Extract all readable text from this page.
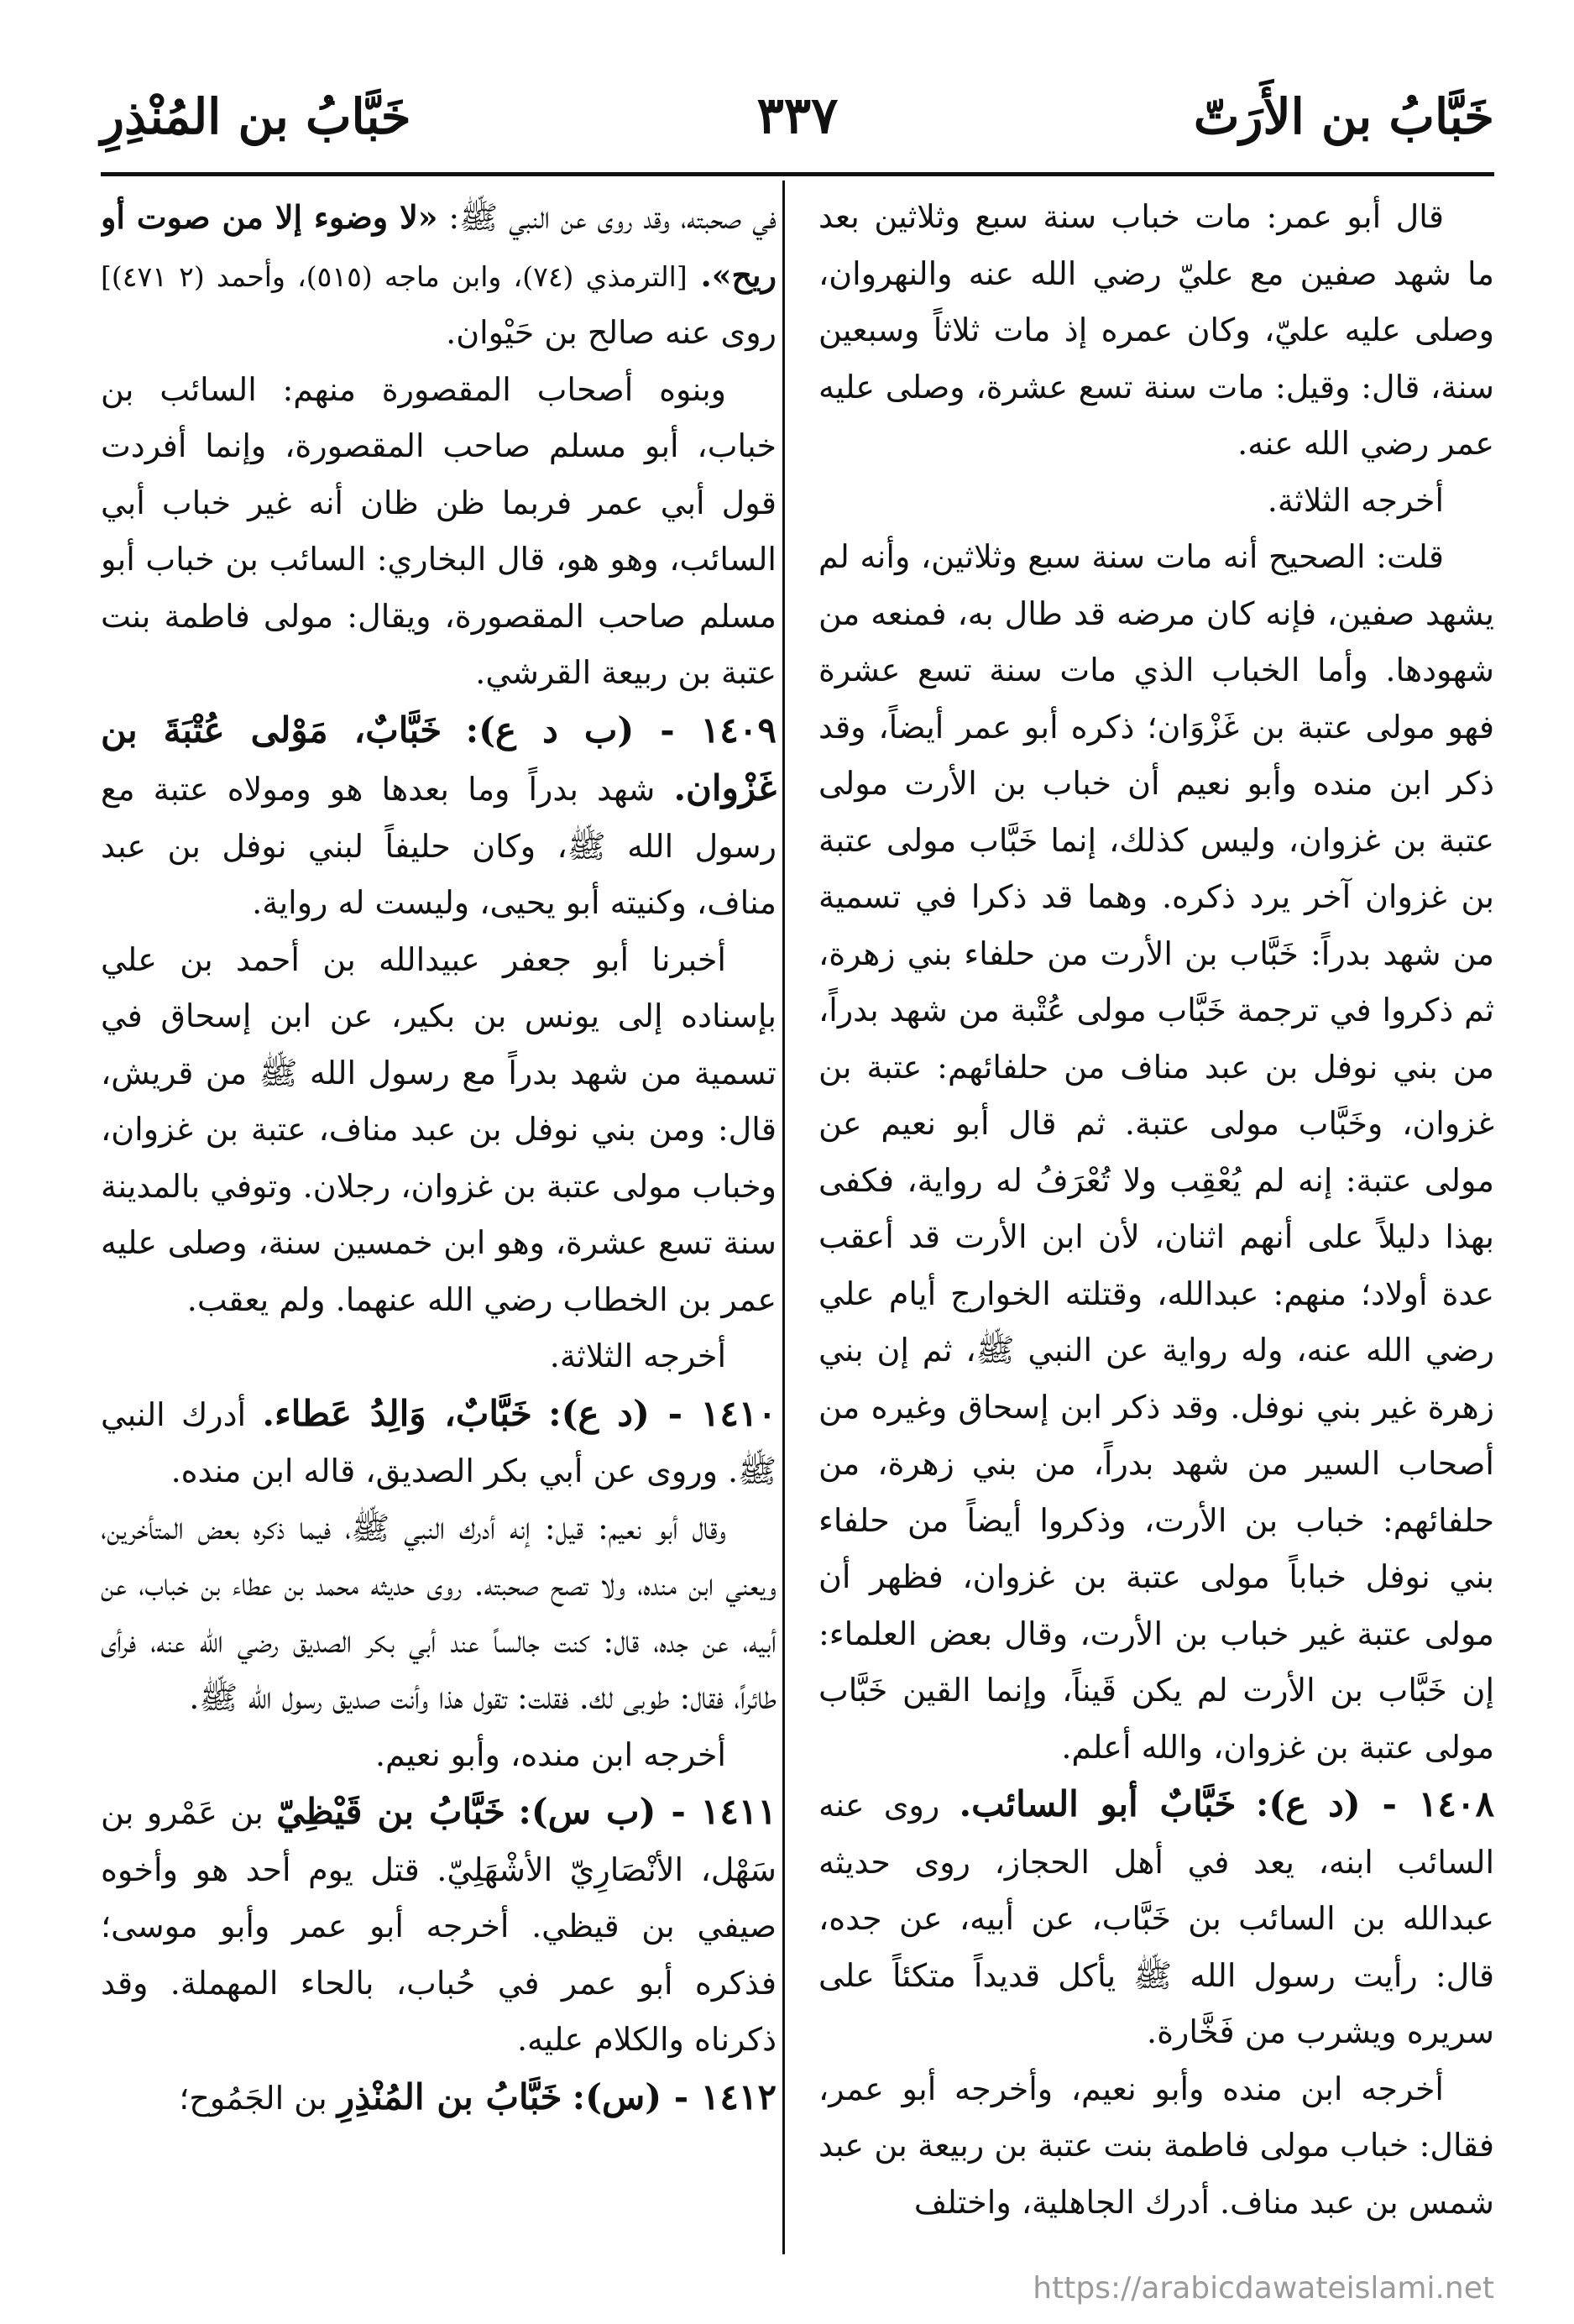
خَبَّابُ بن الأَرَتّ
٣٣٧
خَبَّابُ بن المُنْذِرِ

قال أبو عمر: مات خباب سنة سبع وثلاثين بعد ما شهد صفين مع عليّ رضي الله عنه والنهروان، وصلى عليه عليّ، وكان عمره إذ مات ثلاثاً وسبعين سنة، قال: وقيل: مات سنة تسع عشرة، وصلى عليه عمر رضي الله عنه.

أخرجه الثلاثة.

قلت: الصحيح أنه مات سنة سبع وثلاثين، وأنه لم يشهد صفين، فإنه كان مرضه قد طال به، فمنعه من شهودها. وأما الخباب الذي مات سنة تسع عشرة فهو مولى عتبة بن غَزْوَان؛ ذكره أبو عمر أيضاً، وقد ذكر ابن منده وأبو نعيم أن خباب بن الأرت مولى عتبة بن غزوان، وليس كذلك، إنما خَبَّاب مولى عتبة بن غزوان آخر يرد ذكره. وهما قد ذكرا في تسمية من شهد بدراً: خَبَّاب بن الأرت من حلفاء بني زهرة، ثم ذكروا في ترجمة خَبَّاب مولى عُتْبة من شهد بدراً، من بني نوفل بن عبد مناف من حلفائهم: عتبة بن غزوان، وخَبَّاب مولى عتبة. ثم قال أبو نعيم عن مولى عتبة: إنه لم يُعْقِب ولا تُعْرَفُ له رواية، فكفى بهذا دليلاً على أنهم اثنان، لأن ابن الأرت قد أعقب عدة أولاد؛ منهم: عبدالله، وقتلته الخوارج أيام علي رضي الله عنه، وله رواية عن النبي ﷺ، ثم إن بني زهرة غير بني نوفل. وقد ذكر ابن إسحاق وغيره من أصحاب السير من شهد بدراً، من بني زهرة، من حلفائهم: خباب بن الأرت، وذكروا أيضاً من حلفاء بني نوفل خباباً مولى عتبة بن غزوان، فظهر أن مولى عتبة غير خباب بن الأرت، وقال بعض العلماء: إن خَبَّاب بن الأرت لم يكن قَيناً، وإنما القين خَبَّاب مولى عتبة بن غزوان، والله أعلم.

١٤٠٨ - (د ع): خَبَّابٌ أبو السائب. روى عنه السائب ابنه، يعد في أهل الحجاز، روى حديثه عبدالله بن السائب بن خَبَّاب، عن أبيه، عن جده، قال: رأيت رسول الله ﷺ يأكل قديداً متكئاً على سريره ويشرب من فَخَّارة.

أخرجه ابن منده وأبو نعيم، وأخرجه أبو عمر، فقال: خباب مولى فاطمة بنت عتبة بن ربيعة بن عبد شمس بن عبد مناف. أدرك الجاهلية، واختلف

في صحبته، وقد روى عن النبي ﷺ: «لا وضوء إلا من صوت أو ريح». [الترمذي (٧٤)، وابن ماجه (٥١٥)، وأحمد (٢ ٤٧١)] روى عنه صالح بن حَيْوان.

وبنوه أصحاب المقصورة منهم: السائب بن خباب، أبو مسلم صاحب المقصورة، وإنما أفردت قول أبي عمر فربما ظن ظان أنه غير خباب أبي السائب، وهو هو، قال البخاري: السائب بن خباب أبو مسلم صاحب المقصورة، ويقال: مولى فاطمة بنت عتبة بن ربيعة القرشي.

١٤٠٩ - (ب د ع): خَبَّابٌ، مَوْلى عُتْبَةَ بن غَزْوان. شهد بدراً وما بعدها هو ومولاه عتبة مع رسول الله ﷺ، وكان حليفاً لبني نوفل بن عبد مناف، وكنيته أبو يحيى، وليست له رواية.

أخبرنا أبو جعفر عبيدالله بن أحمد بن علي بإسناده إلى يونس بن بكير، عن ابن إسحاق في تسمية من شهد بدراً مع رسول الله ﷺ من قريش، قال: ومن بني نوفل بن عبد مناف، عتبة بن غزوان، وخباب مولى عتبة بن غزوان، رجلان. وتوفي بالمدينة سنة تسع عشرة، وهو ابن خمسين سنة، وصلى عليه عمر بن الخطاب رضي الله عنهما. ولم يعقب.

أخرجه الثلاثة.

١٤١٠ - (د ع): خَبَّابٌ، وَالِدُ عَطاء. أدرك النبي ﷺ. وروى عن أبي بكر الصديق، قاله ابن منده.

وقال أبو نعيم: قيل: إنه أدرك النبي ﷺ، فيما ذكره بعض المتأخرين، ويعني ابن منده، ولا تصح صحبته. روى حديثه محمد بن عطاء بن خباب، عن أبيه، عن جده، قال: كنت جالساً عند أبي بكر الصديق رضي الله عنه، فرأى طائراً، فقال: طوبى لك. فقلت: تقول هذا وأنت صديق رسول الله ﷺ.

أخرجه ابن منده، وأبو نعيم.

١٤١١ - (ب س): خَبَّابُ بن قَيْظِيّ بن عَمْرو بن سَهْل، الأنْصَارِيّ الأشْهَلِيّ. قتل يوم أحد هو وأخوه صيفي بن قيظي. أخرجه أبو عمر وأبو موسى؛ فذكره أبو عمر في حُباب، بالحاء المهملة. وقد ذكرناه والكلام عليه.

١٤١٢ - (س): خَبَّابُ بن المُنْذِرِ بن الجَمُوح؛

https://arabicdawateislami.net
